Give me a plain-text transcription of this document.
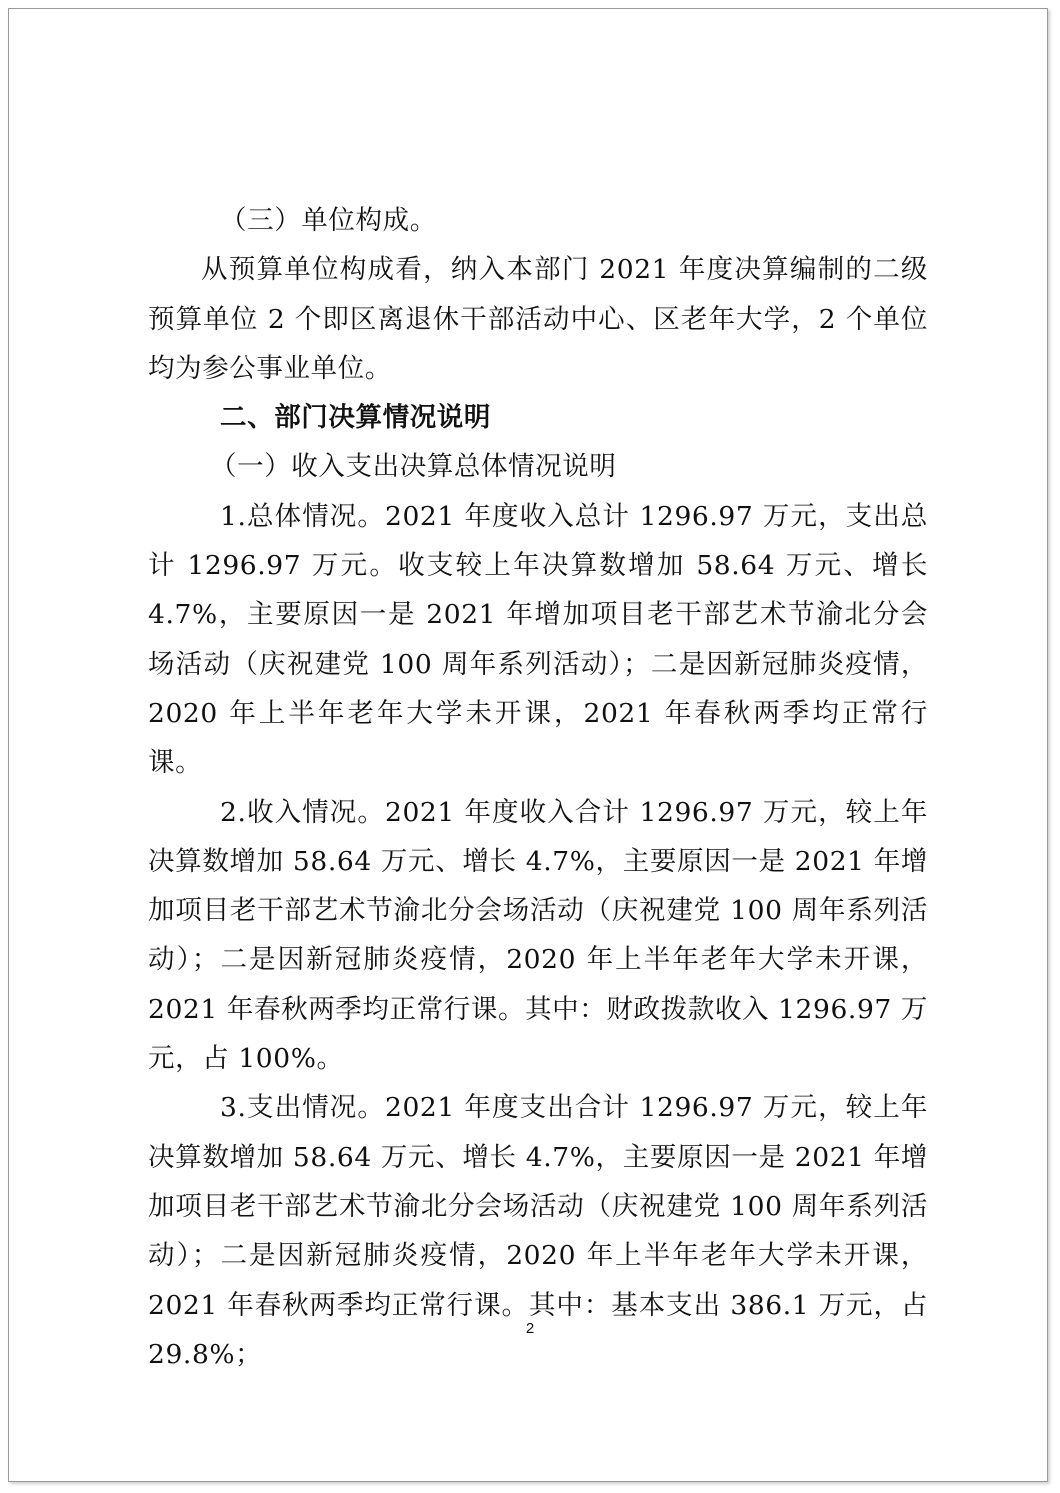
（三）单位构成。

从预算单位构成看，纳入本部门 2021 年度决算编制的二级预算单位 2 个即区离退休干部活动中心、区老年大学，2 个单位均为参公事业单位。

二、部门决算情况说明

（一）收入支出决算总体情况说明

1.总体情况。2021 年度收入总计 1296.97 万元，支出总计 1296.97 万元。收支较上年决算数增加 58.64 万元、增长 4.7%，主要原因一是 2021 年增加项目老干部艺术节渝北分会场活动（庆祝建党 100 周年系列活动）；二是因新冠肺炎疫情，2020 年上半年老年大学未开课，2021 年春秋两季均正常行课。

2.收入情况。2021 年度收入合计 1296.97 万元，较上年决算数增加 58.64 万元、增长 4.7%，主要原因一是 2021 年增加项目老干部艺术节渝北分会场活动（庆祝建党 100 周年系列活动）；二是因新冠肺炎疫情，2020 年上半年老年大学未开课，2021 年春秋两季均正常行课。其中：财政拨款收入 1296.97 万元，占 100%。

3.支出情况。2021 年度支出合计 1296.97 万元，较上年决算数增加 58.64 万元、增长 4.7%，主要原因一是 2021 年增加项目老干部艺术节渝北分会场活动（庆祝建党 100 周年系列活动）；二是因新冠肺炎疫情，2020 年上半年老年大学未开课，2021 年春秋两季均正常行课。其中：基本支出 386.1 万元，占 29.8%；

2
